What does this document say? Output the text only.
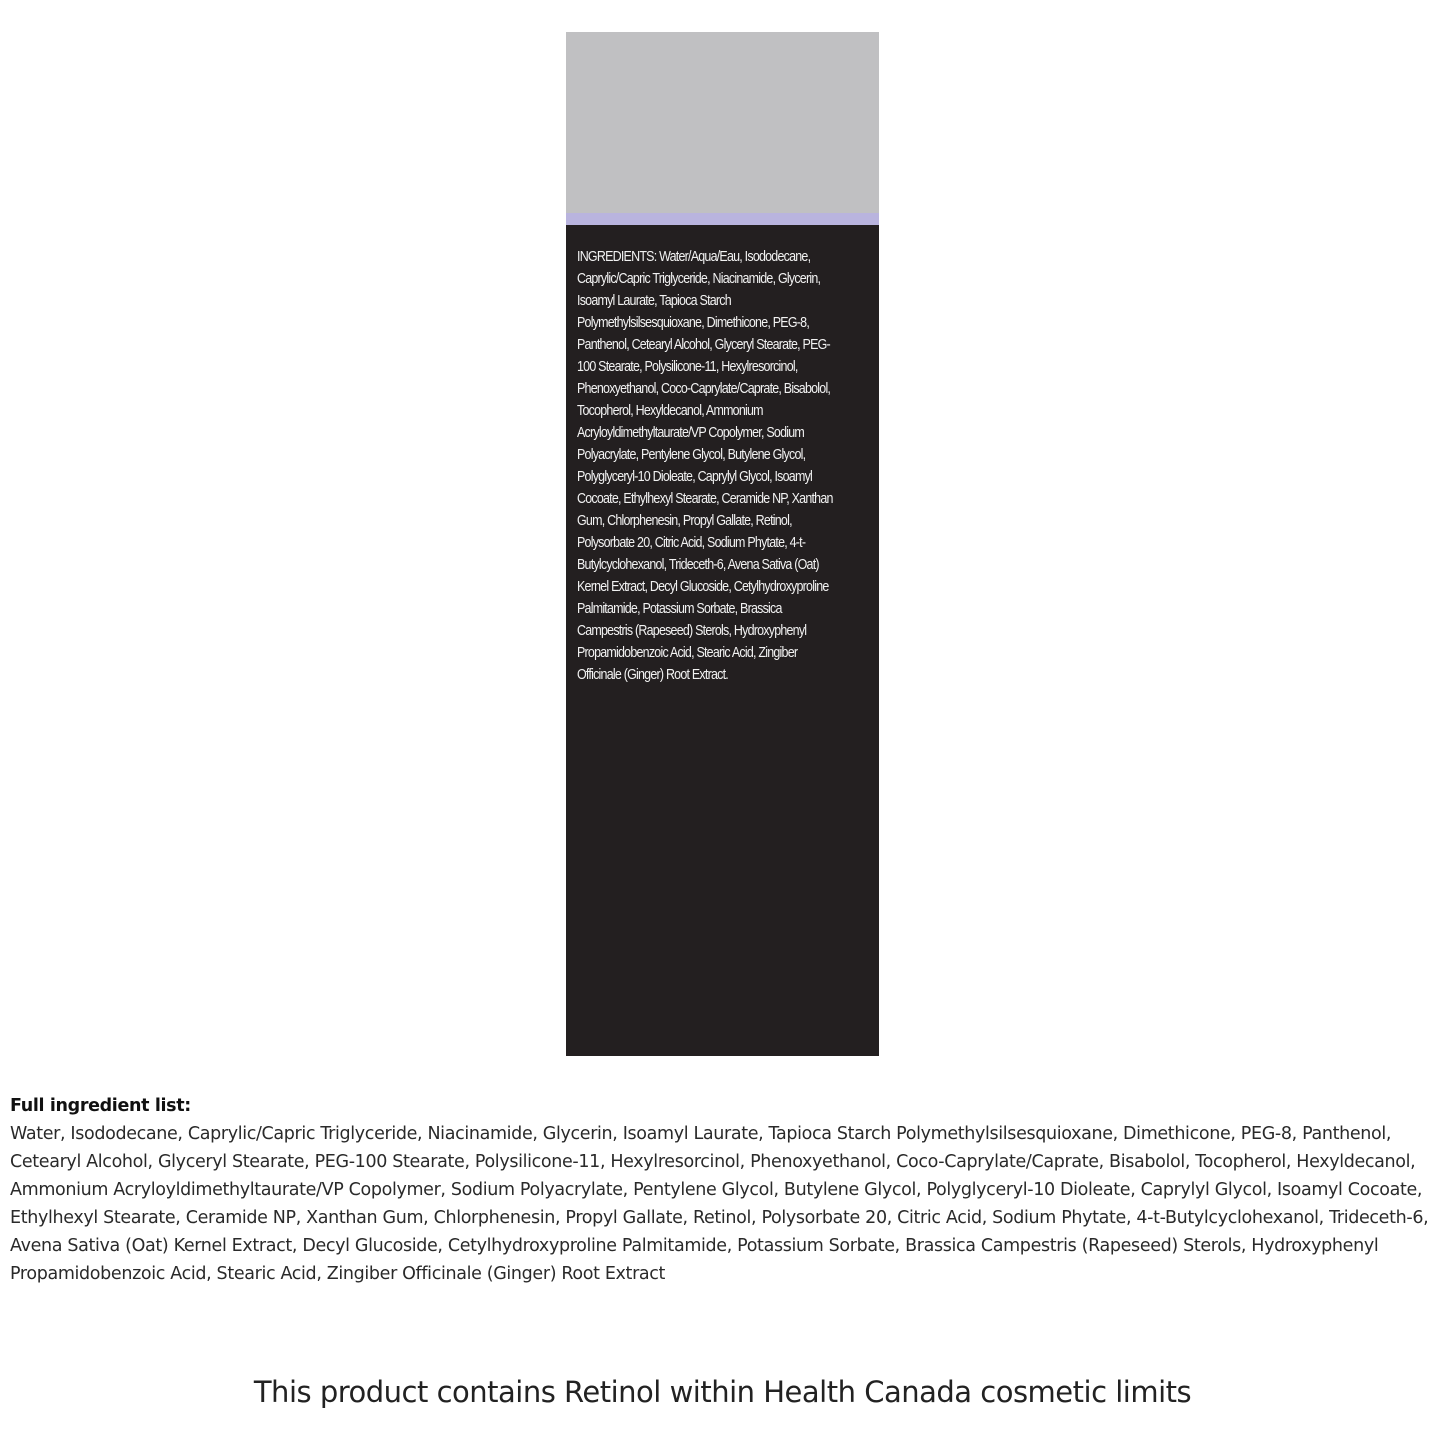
INGREDIENTS: Water/Aqua/Eau, Isododecane, Caprylic/Capric Triglyceride, Niacinamide, Glycerin, Isoamyl Laurate, Tapioca Starch Polymethylsilsesquioxane, Dimethicone, PEG-8, Panthenol, Cetearyl Alcohol, Glyceryl Stearate, PEG-100 Stearate, Polysilicone-11, Hexylresorcinol, Phenoxyethanol, Coco-Caprylate/Caprate, Bisabolol, Tocopherol, Hexyldecanol, Ammonium Acryloyldimethyltaurate/VP Copolymer, Sodium Polyacrylate, Pentylene Glycol, Butylene Glycol, Polyglyceryl-10 Dioleate, Caprylyl Glycol, Isoamyl Cocoate, Ethylhexyl Stearate, Ceramide NP, Xanthan Gum, Chlorphenesin, Propyl Gallate, Retinol, Polysorbate 20, Citric Acid, Sodium Phytate, 4-t-Butylcyclohexanol, Trideceth-6, Avena Sativa (Oat) Kernel Extract, Decyl Glucoside, Cetylhydroxyproline Palmitamide, Potassium Sorbate, Brassica Campestris (Rapeseed) Sterols, Hydroxyphenyl Propamidobenzoic Acid, Stearic Acid, Zingiber Officinale (Ginger) Root Extract.
Full ingredient list:
Water, Isododecane, Caprylic/Capric Triglyceride, Niacinamide, Glycerin, Isoamyl Laurate, Tapioca Starch Polymethylsilsesquioxane, Dimethicone, PEG-8, Panthenol, Cetearyl Alcohol, Glyceryl Stearate, PEG-100 Stearate, Polysilicone-11, Hexylresorcinol, Phenoxyethanol, Coco-Caprylate/Caprate, Bisabolol, Tocopherol, Hexyldecanol, Ammonium Acryloyldimethyltaurate/VP Copolymer, Sodium Polyacrylate, Pentylene Glycol, Butylene Glycol, Polyglyceryl-10 Dioleate, Caprylyl Glycol, Isoamyl Cocoate, Ethylhexyl Stearate, Ceramide NP, Xanthan Gum, Chlorphenesin, Propyl Gallate, Retinol, Polysorbate 20, Citric Acid, Sodium Phytate, 4-t-Butylcyclohexanol, Trideceth-6, Avena Sativa (Oat) Kernel Extract, Decyl Glucoside, Cetylhydroxyproline Palmitamide, Potassium Sorbate, Brassica Campestris (Rapeseed) Sterols, Hydroxyphenyl Propamidobenzoic Acid, Stearic Acid, Zingiber Officinale (Ginger) Root Extract
This product contains Retinol within Health Canada cosmetic limits
